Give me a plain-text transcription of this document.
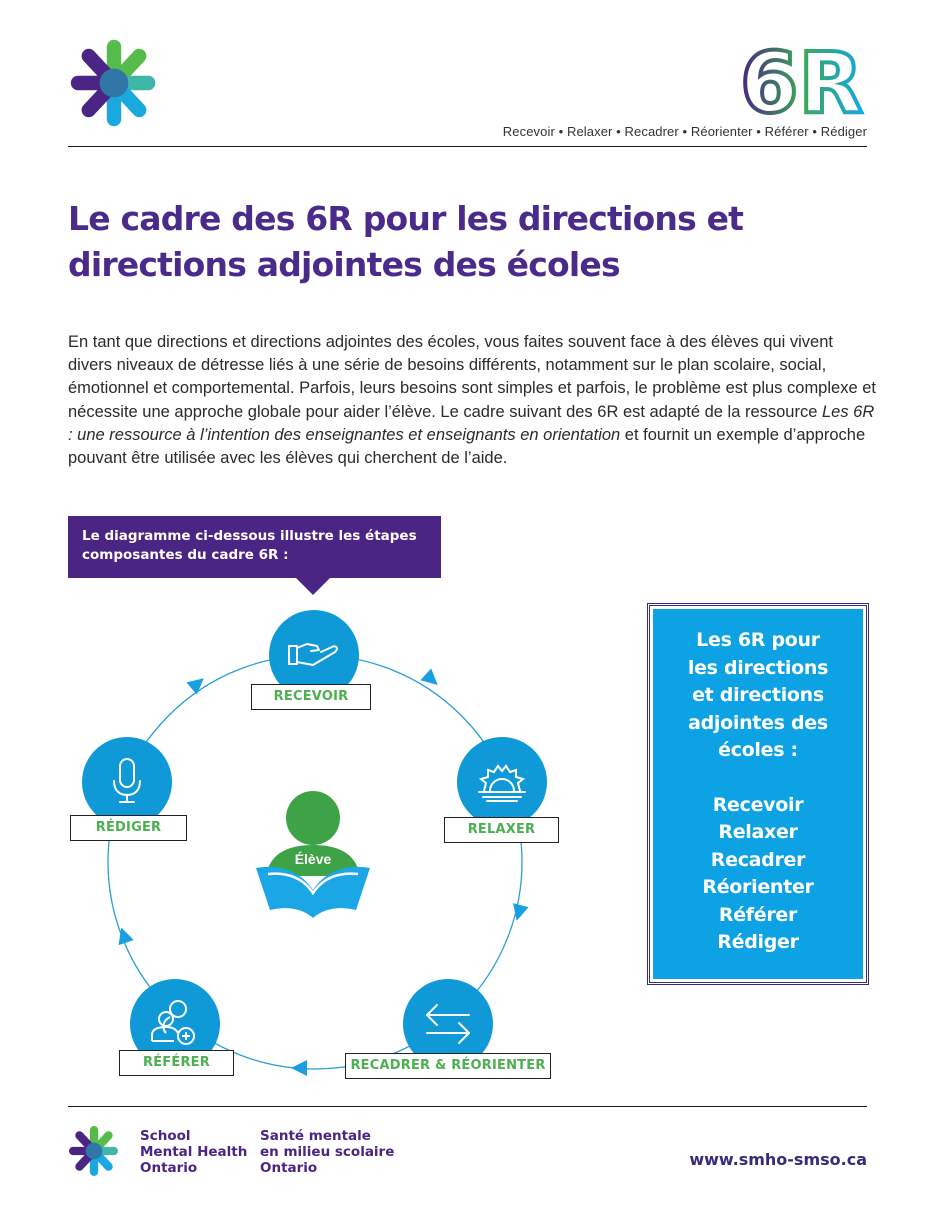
6R
Recevoir • Relaxer • Recadrer • Réorienter • Référer • Rédiger
Le cadre des 6R pour les directions et
directions adjointes des écoles
En tant que directions et directions adjointes des écoles, vous faites souvent face à des élèves qui vivent divers niveaux de détresse liés à une série de besoins différents, notamment sur le plan scolaire, social, émotionnel et comportemental. Parfois, leurs besoins sont simples et parfois, le problème est plus complexe et nécessite une approche globale pour aider l’élève. Le cadre suivant des 6R est adapté de la ressource Les 6R : une ressource à l’intention des enseignantes et enseignants en orientation et fournit un exemple d’approche pouvant être utilisée avec les élèves qui cherchent de l’aide.
Le diagramme ci-dessous illustre les étapes
composantes du cadre 6R :
RECEVOIR
RELAXER
RECADRER & RÉORIENTER
RÉFÉRER
RÉDIGER
Élève
Les 6R pour
les directions
et directions
adjointes des
écoles :
Recevoir
Relaxer
Recadrer
Réorienter
Référer
Rédiger
School
Mental Health
Ontario
Santé mentale
en milieu scolaire
Ontario	www.smho-smso.ca
